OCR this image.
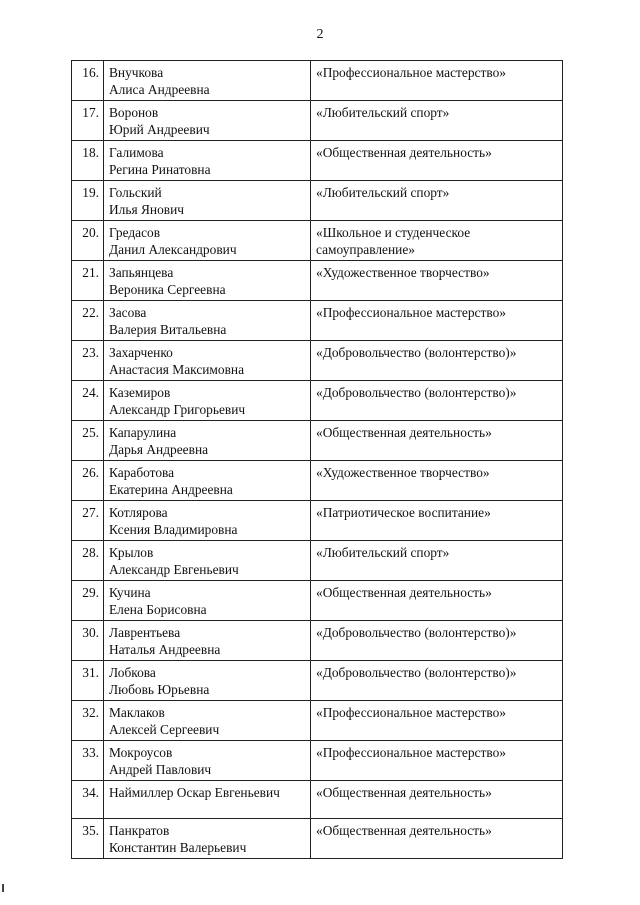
2
16.	Внучкова
Алиса Андреевна	«Профессиональное мастерство»

17.	Воронов
Юрий Андреевич	«Любительский спорт»

18.	Галимова
Регина Ринатовна	«Общественная деятельность»

19.	Гольский
Илья Янович	«Любительский спорт»

20.	Гредасов
Данил Александрович	«Школьное и студенческое
самоуправление»

21.	Запьянцева
Вероника Сергеевна	«Художественное творчество»

22.	Засова
Валерия Витальевна	«Профессиональное мастерство»

23.	Захарченко
Анастасия Максимовна	«Добровольчество (волонтерство)»

24.	Каземиров
Александр Григорьевич	«Добровольчество (волонтерство)»

25.	Капарулина
Дарья Андреевна	«Общественная деятельность»

26.	Каработова
Екатерина Андреевна	«Художественное творчество»

27.	Котлярова
Ксения Владимировна	«Патриотическое воспитание»

28.	Крылов
Александр Евгеньевич	«Любительский спорт»

29.	Кучина
Елена Борисовна	«Общественная деятельность»

30.	Лаврентьева
Наталья Андреевна	«Добровольчество (волонтерство)»

31.	Лобкова
Любовь Юрьевна	«Добровольчество (волонтерство)»

32.	Маклаков
Алексей Сергеевич	«Профессиональное мастерство»

33.	Мокроусов
Андрей Павлович	«Профессиональное мастерство»

34.	Наймиллер Оскар Евгеньевич	«Общественная деятельность»

35.	Панкратов
Константин Валерьевич	«Общественная деятельность»
